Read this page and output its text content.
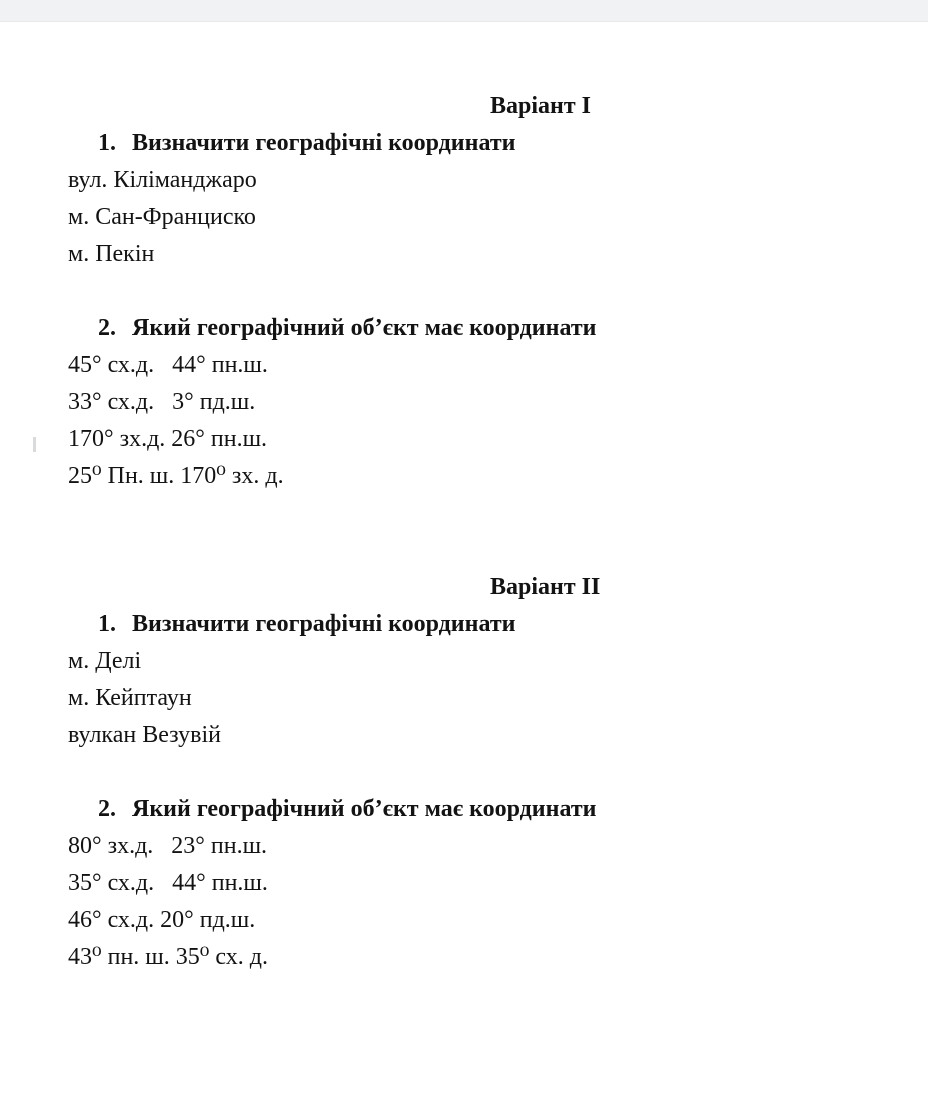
Варіант I
1. Визначити географічні координати
вул. Кіліманджаро
м. Сан-Франциско
м. Пекін
2. Який географічний об’єкт має координати
45° сх.д.   44° пн.ш.
33° сх.д.   3° пд.ш.
170° зх.д. 26° пн.ш.
25⁰ Пн. ш. 170⁰ зх. д.
Варіант II
1. Визначити географічні координати
м. Делі
м. Кейптаун
вулкан Везувій
2. Який географічний об’єкт має координати
80° зх.д.   23° пн.ш.
35° сх.д.   44° пн.ш.
46° сх.д. 20° пд.ш.
43⁰ пн. ш. 35⁰ сх. д.
